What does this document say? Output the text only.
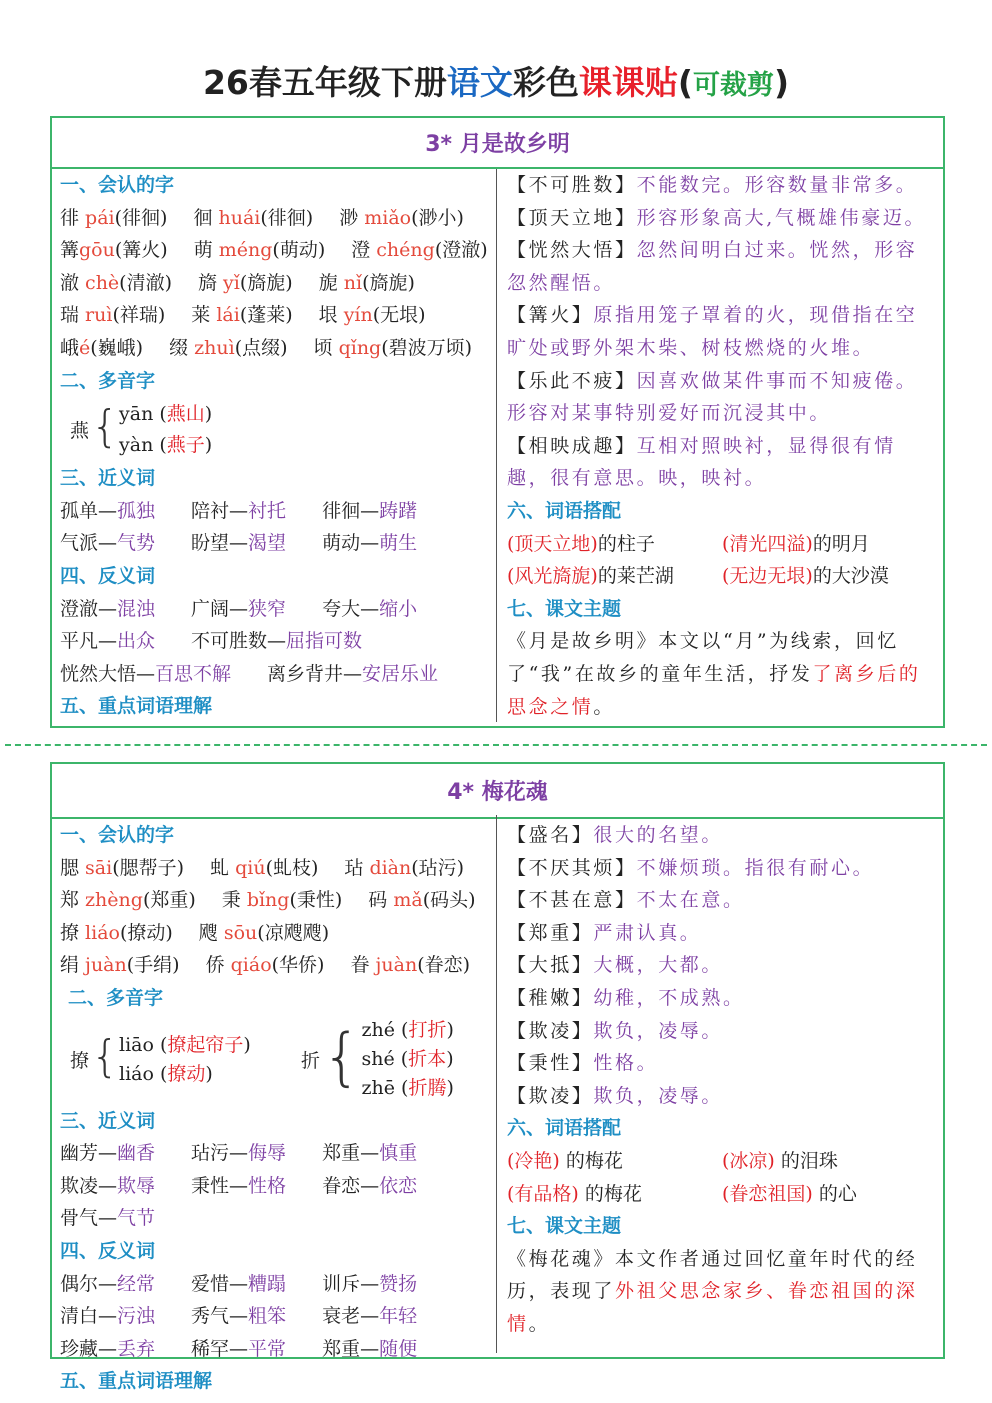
26春五年级下册语文彩色课课贴(可裁剪)
3* 月是故乡明
一、会认的字
徘 pái(徘徊) 徊 huái(徘徊) 渺 miǎo(渺小)
篝gōu(篝火) 萌 méng(萌动) 澄 chéng(澄澈)
澈 chè(清澈) 旖 yǐ(旖旎) 旎 nǐ(旖旎)
瑞 ruì(祥瑞) 莱 lái(蓬莱) 垠 yín(无垠)
峨é(巍峨) 缀 zhuì(点缀) 顷 qǐng(碧波万顷)
二、多音字
燕 { yān (燕山)
yàn (燕子)
三、近义词
孤单—孤独 陪衬—衬托 徘徊—踌躇
气派—气势 盼望—渴望 萌动—萌生
四、反义词
澄澈—混浊 广阔—狭窄 夸大—缩小
平凡—出众 不可胜数—屈指可数
恍然大悟—百思不解 离乡背井—安居乐业
五、重点词语理解
【不可胜数】不能数完。形容数量非常多。
【顶天立地】形容形象高大,气概雄伟豪迈。
【恍然大悟】忽然间明白过来。恍然，形容忽然醒悟。
【篝火】原指用笼子罩着的火，现借指在空旷处或野外架木柴、树枝燃烧的火堆。
【乐此不疲】因喜欢做某件事而不知疲倦。形容对某事特别爱好而沉浸其中。
【相映成趣】互相对照映衬，显得很有情趣，很有意思。映，映衬。
六、词语搭配
(顶天立地)的柱子	(清光四溢)的明月
(风光旖旎)的莱芒湖	(无边无垠)的大沙漠
七、课文主题
《月是故乡明》本文以“月”为线索，回忆了“我”在故乡的童年生活，抒发了离乡后的思念之情。
4* 梅花魂
一、会认的字
腮 sāi(腮帮子) 虬 qiú(虬枝) 玷 diàn(玷污)
郑 zhèng(郑重) 秉 bǐng(秉性) 码 mǎ(码头)
撩 liáo(撩动) 飕 sōu(凉飕飕)
绢 juàn(手绢) 侨 qiáo(华侨) 眷 juàn(眷恋)
二、多音字
撩 { liāo (撩起帘子)
liáo (撩动)
折 { zhé (打折)
shé (折本)
zhē (折腾)
三、近义词
幽芳—幽香 玷污—侮辱 郑重—慎重
欺凌—欺辱 秉性—性格 眷恋—依恋
骨气—气节
四、反义词
偶尔—经常 爱惜—糟蹋 训斥—赞扬
清白—污浊 秀气—粗笨 衰老—年轻
珍藏—丢弃 稀罕—平常 郑重—随便
五、重点词语理解
【盛名】很大的名望。
【不厌其烦】不嫌烦琐。指很有耐心。
【不甚在意】不太在意。
【郑重】严肃认真。
【大抵】大概，大都。
【稚嫩】幼稚，不成熟。
【欺凌】欺负，凌辱。
【秉性】性格。
【欺凌】欺负，凌辱。
六、词语搭配
(冷艳) 的梅花	(冰凉) 的泪珠
(有品格) 的梅花	(眷恋祖国) 的心
七、课文主题
《梅花魂》本文作者通过回忆童年时代的经历，表现了外祖父思念家乡、眷恋祖国的深情。
